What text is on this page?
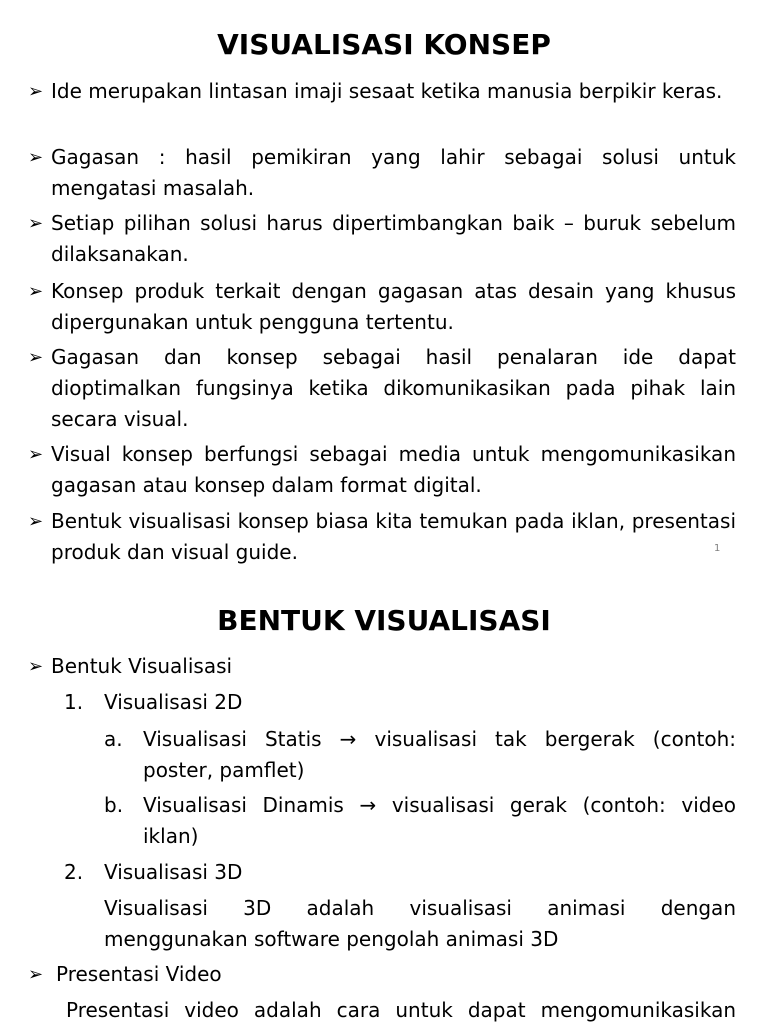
VISUALISASI KONSEP
➢ Ide merupakan lintasan imaji sesaat ketika manusia berpikir keras.
➢ Gagasan : hasil pemikiran yang lahir sebagai solusi untuk mengatasi masalah.
➢ Setiap pilihan solusi harus dipertimbangkan baik – buruk sebelum dilaksanakan.
➢ Konsep produk terkait dengan gagasan atas desain yang khusus dipergunakan untuk pengguna tertentu.
➢ Gagasan dan konsep sebagai hasil penalaran ide dapat dioptimalkan fungsinya ketika dikomunikasikan pada pihak lain secara visual.
➢ Visual konsep berfungsi sebagai media untuk mengomunikasikan gagasan atau konsep dalam format digital.
➢ Bentuk visualisasi konsep biasa kita temukan pada iklan, presentasi produk dan visual guide.	1
BENTUK VISUALISASI
➢ Bentuk Visualisasi
1. Visualisasi 2D
a. Visualisasi Statis → visualisasi tak bergerak (contoh: poster, pamflet)
b. Visualisasi Dinamis → visualisasi gerak (contoh: video iklan)
2. Visualisasi 3D
Visualisasi 3D adalah visualisasi animasi dengan menggunakan software pengolah animasi 3D
➢ Presentasi Video
Presentasi video adalah cara untuk dapat mengomunikasikan
